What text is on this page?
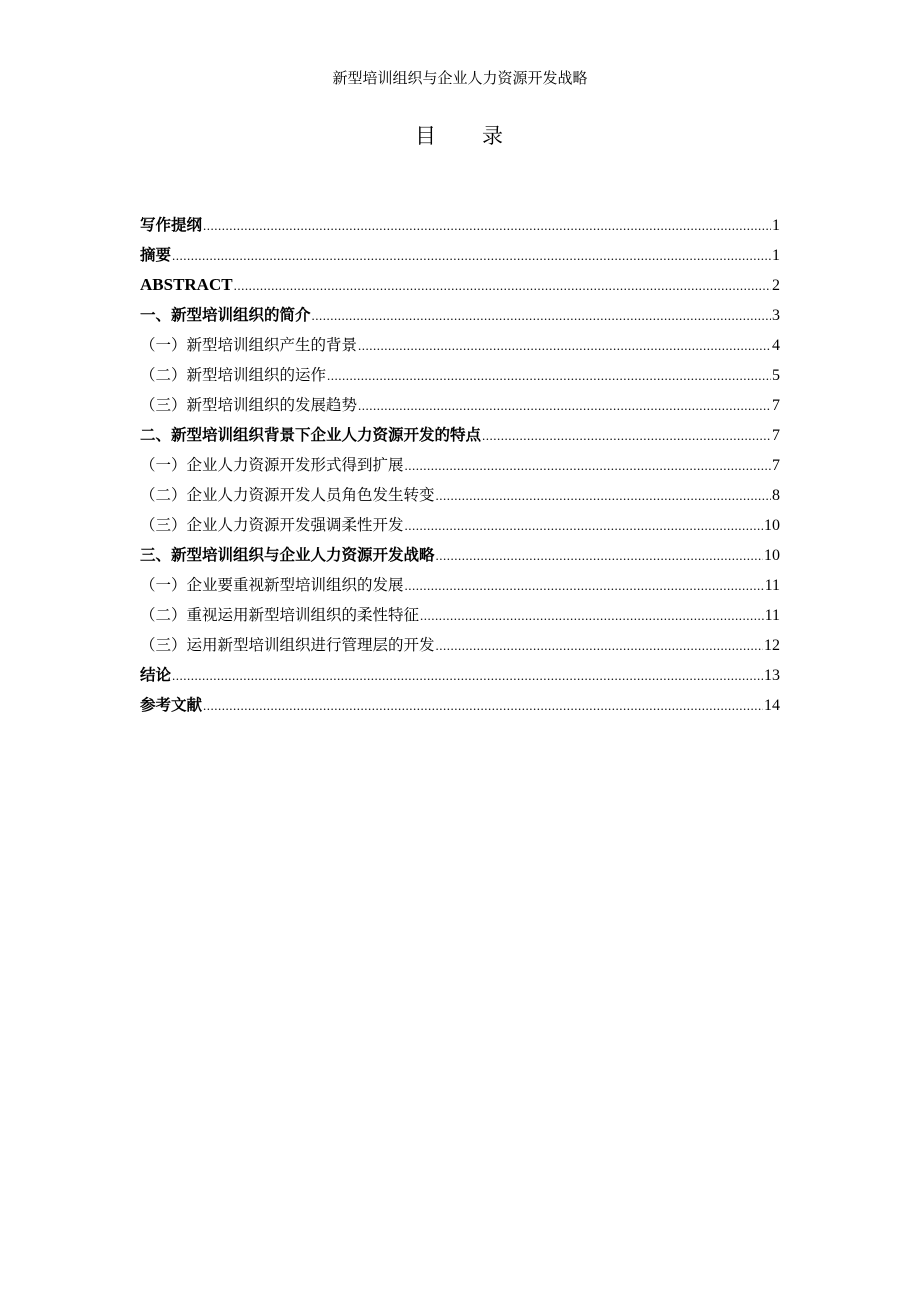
新型培训组织与企业人力资源开发战略
目 录
写作提纲 .....	1
摘要 .....	1
ABSTRACT .....	2
一、新型培训组织的简介 .....	3
（一）新型培训组织产生的背景 .....	4
（二）新型培训组织的运作 .....	5
（三）新型培训组织的发展趋势 .....	7
二、新型培训组织背景下企业人力资源开发的特点 .....	7
（一）企业人力资源开发形式得到扩展 .....	7
（二）企业人力资源开发人员角色发生转变 .....	8
（三）企业人力资源开发强调柔性开发 .....	10
三、新型培训组织与企业人力资源开发战略 .....	10
（一）企业要重视新型培训组织的发展 .....	11
（二）重视运用新型培训组织的柔性特征 .....	11
（三）运用新型培训组织进行管理层的开发 .....	12
结论 .....	13
参考文献 .....	14
